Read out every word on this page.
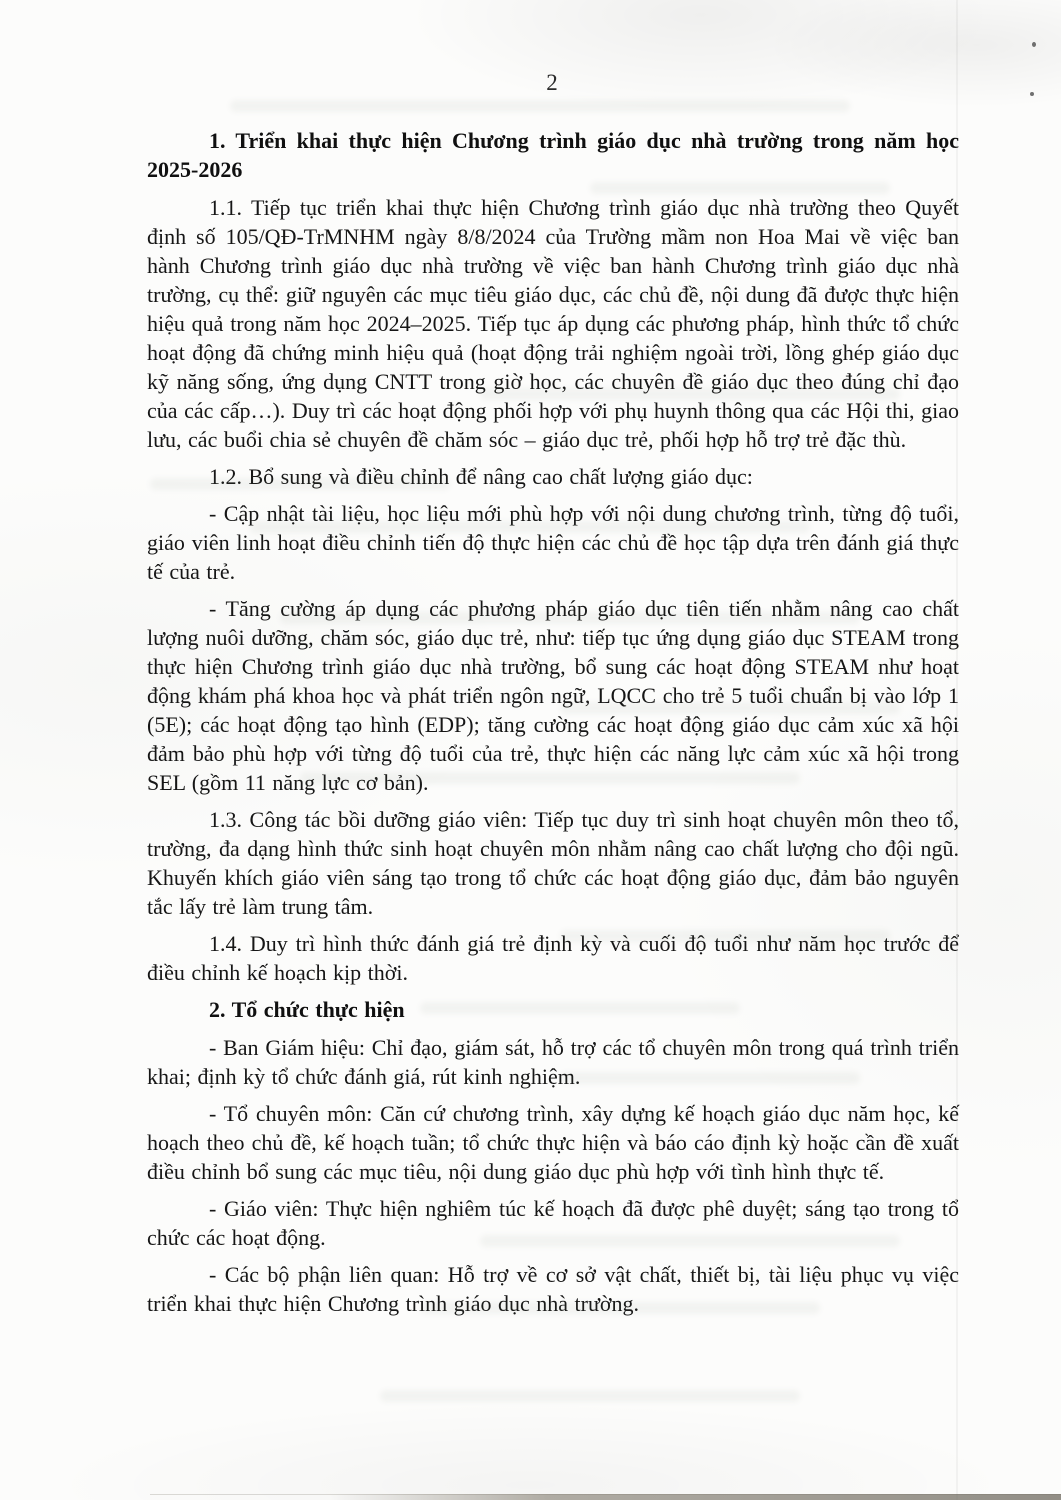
2

1. Triển khai thực hiện Chương trình giáo dục nhà trường trong năm học 2025-2026

1.1. Tiếp tục triển khai thực hiện Chương trình giáo dục nhà trường theo Quyết định số 105/QĐ-TrMNHM ngày 8/8/2024 của Trường mầm non Hoa Mai về việc ban hành Chương trình giáo dục nhà trường về việc ban hành Chương trình giáo dục nhà trường, cụ thể: giữ nguyên các mục tiêu giáo dục, các chủ đề, nội dung đã được thực hiện hiệu quả trong năm học 2024–2025. Tiếp tục áp dụng các phương pháp, hình thức tổ chức hoạt động đã chứng minh hiệu quả (hoạt động trải nghiệm ngoài trời, lồng ghép giáo dục kỹ năng sống, ứng dụng CNTT trong giờ học, các chuyên đề giáo dục theo đúng chỉ đạo của các cấp…). Duy trì các hoạt động phối hợp với phụ huynh thông qua các Hội thi, giao lưu, các buổi chia sẻ chuyên đề chăm sóc – giáo dục trẻ, phối hợp hỗ trợ trẻ đặc thù.

1.2. Bổ sung và điều chỉnh để nâng cao chất lượng giáo dục:

- Cập nhật tài liệu, học liệu mới phù hợp với nội dung chương trình, từng độ tuổi, giáo viên linh hoạt điều chỉnh tiến độ thực hiện các chủ đề học tập dựa trên đánh giá thực tế của trẻ.

- Tăng cường áp dụng các phương pháp giáo dục tiên tiến nhằm nâng cao chất lượng nuôi dưỡng, chăm sóc, giáo dục trẻ, như: tiếp tục ứng dụng giáo dục STEAM trong thực hiện Chương trình giáo dục nhà trường, bổ sung các hoạt động STEAM như hoạt động khám phá khoa học và phát triển ngôn ngữ, LQCC cho trẻ 5 tuổi chuẩn bị vào lớp 1 (5E); các hoạt động tạo hình (EDP); tăng cường các hoạt động giáo dục cảm xúc xã hội đảm bảo phù hợp với từng độ tuổi của trẻ, thực hiện các năng lực cảm xúc xã hội trong SEL (gồm 11 năng lực cơ bản).

1.3. Công tác bồi dưỡng giáo viên: Tiếp tục duy trì sinh hoạt chuyên môn theo tổ, trường, đa dạng hình thức sinh hoạt chuyên môn nhằm nâng cao chất lượng cho đội ngũ. Khuyến khích giáo viên sáng tạo trong tổ chức các hoạt động giáo dục, đảm bảo nguyên tắc lấy trẻ làm trung tâm.

1.4. Duy trì hình thức đánh giá trẻ định kỳ và cuối độ tuổi như năm học trước để điều chỉnh kế hoạch kịp thời.

2. Tổ chức thực hiện

- Ban Giám hiệu: Chỉ đạo, giám sát, hỗ trợ các tổ chuyên môn trong quá trình triển khai; định kỳ tổ chức đánh giá, rút kinh nghiệm.

- Tổ chuyên môn: Căn cứ chương trình, xây dựng kế hoạch giáo dục năm học, kế hoạch theo chủ đề, kế hoạch tuần; tổ chức thực hiện và báo cáo định kỳ hoặc cần đề xuất điều chỉnh bổ sung các mục tiêu, nội dung giáo dục phù hợp với tình hình thực tế.

- Giáo viên: Thực hiện nghiêm túc kế hoạch đã được phê duyệt; sáng tạo trong tổ chức các hoạt động.

- Các bộ phận liên quan: Hỗ trợ về cơ sở vật chất, thiết bị, tài liệu phục vụ việc triển khai thực hiện Chương trình giáo dục nhà trường.
